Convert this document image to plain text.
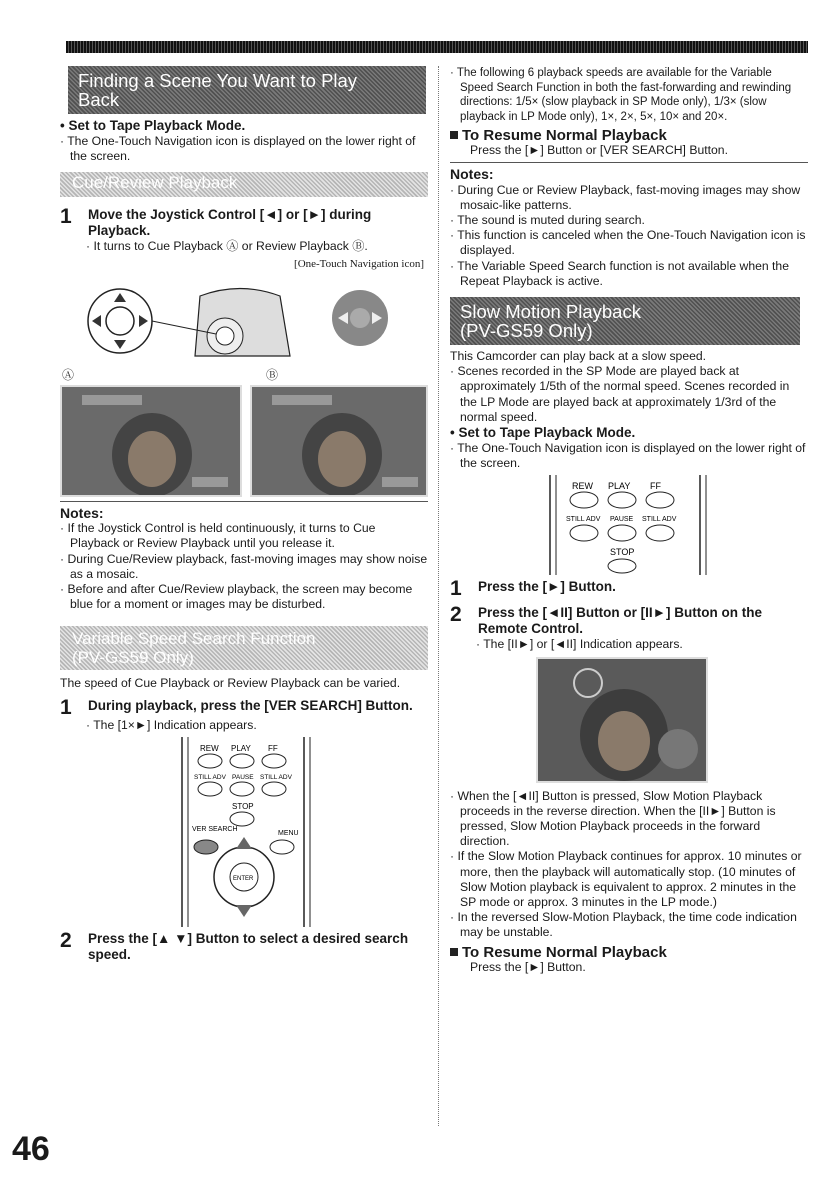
Finding a Scene You Want to Play
Back
• Set to Tape Playback Mode.
· The One-Touch Navigation icon is displayed on the lower right of the screen.
Cue/Review Playback
1	Move the Joystick Control [◄] or [►] during Playback.
· It turns to Cue Playback Ⓐ or Review Playback Ⓑ.
[One-Touch Navigation icon]
Ⓐ	Ⓑ
Notes:
· If the Joystick Control is held continuously, it turns to Cue Playback or Review Playback until you release it.
· During Cue/Review playback, fast-moving images may show noise as a mosaic.
· Before and after Cue/Review playback, the screen may become blue for a moment or images may be disturbed.
Variable Speed Search Function
(PV-GS59 Only)
The speed of Cue Playback or Review Playback can be varied.
1	During playback, press the [VER SEARCH] Button.
· The [1×►] Indication appears.
REW PLAY FF
STILL ADV PAUSE STILL ADV
STOP
VER SEARCH
MENU
ENTER
2	Press the [▲ ▼] Button to select a desired search speed.
· The following 6 playback speeds are available for the Variable Speed Search Function in both the fast-forwarding and rewinding directions: 1/5× (slow playback in SP Mode only), 1/3× (slow playback in LP Mode only), 1×, 2×, 5×, 10× and 20×.
To Resume Normal Playback
Press the [►] Button or [VER SEARCH] Button.
Notes:
· During Cue or Review Playback, fast-moving images may show mosaic-like patterns.
· The sound is muted during search.
· This function is canceled when the One-Touch Navigation icon is displayed.
· The Variable Speed Search function is not available when the Repeat Playback is active.
Slow Motion Playback
(PV-GS59 Only)
This Camcorder can play back at a slow speed.
· Scenes recorded in the SP Mode are played back at approximately 1/5th of the normal speed. Scenes recorded in the LP Mode are played back at approximately 1/3rd of the normal speed.
• Set to Tape Playback Mode.
· The One-Touch Navigation icon is displayed on the lower right of the screen.
REW PLAY FF
STILL ADV PAUSE STILL ADV
STOP
1	Press the [►] Button.
2	Press the [◄II] Button or [II►] Button on the Remote Control.
· The [II►] or [◄II] Indication appears.
· When the [◄II] Button is pressed, Slow Motion Playback proceeds in the reverse direction. When the [II►] Button is pressed, Slow Motion Playback proceeds in the forward direction.
· If the Slow Motion Playback continues for approx. 10 minutes or more, then the playback will automatically stop. (10 minutes of Slow Motion playback is equivalent to approx. 2 minutes in the SP mode or approx. 3 minutes in the LP mode.)
· In the reversed Slow-Motion Playback, the time code indication may be unstable.
To Resume Normal Playback
Press the [►] Button.
46
